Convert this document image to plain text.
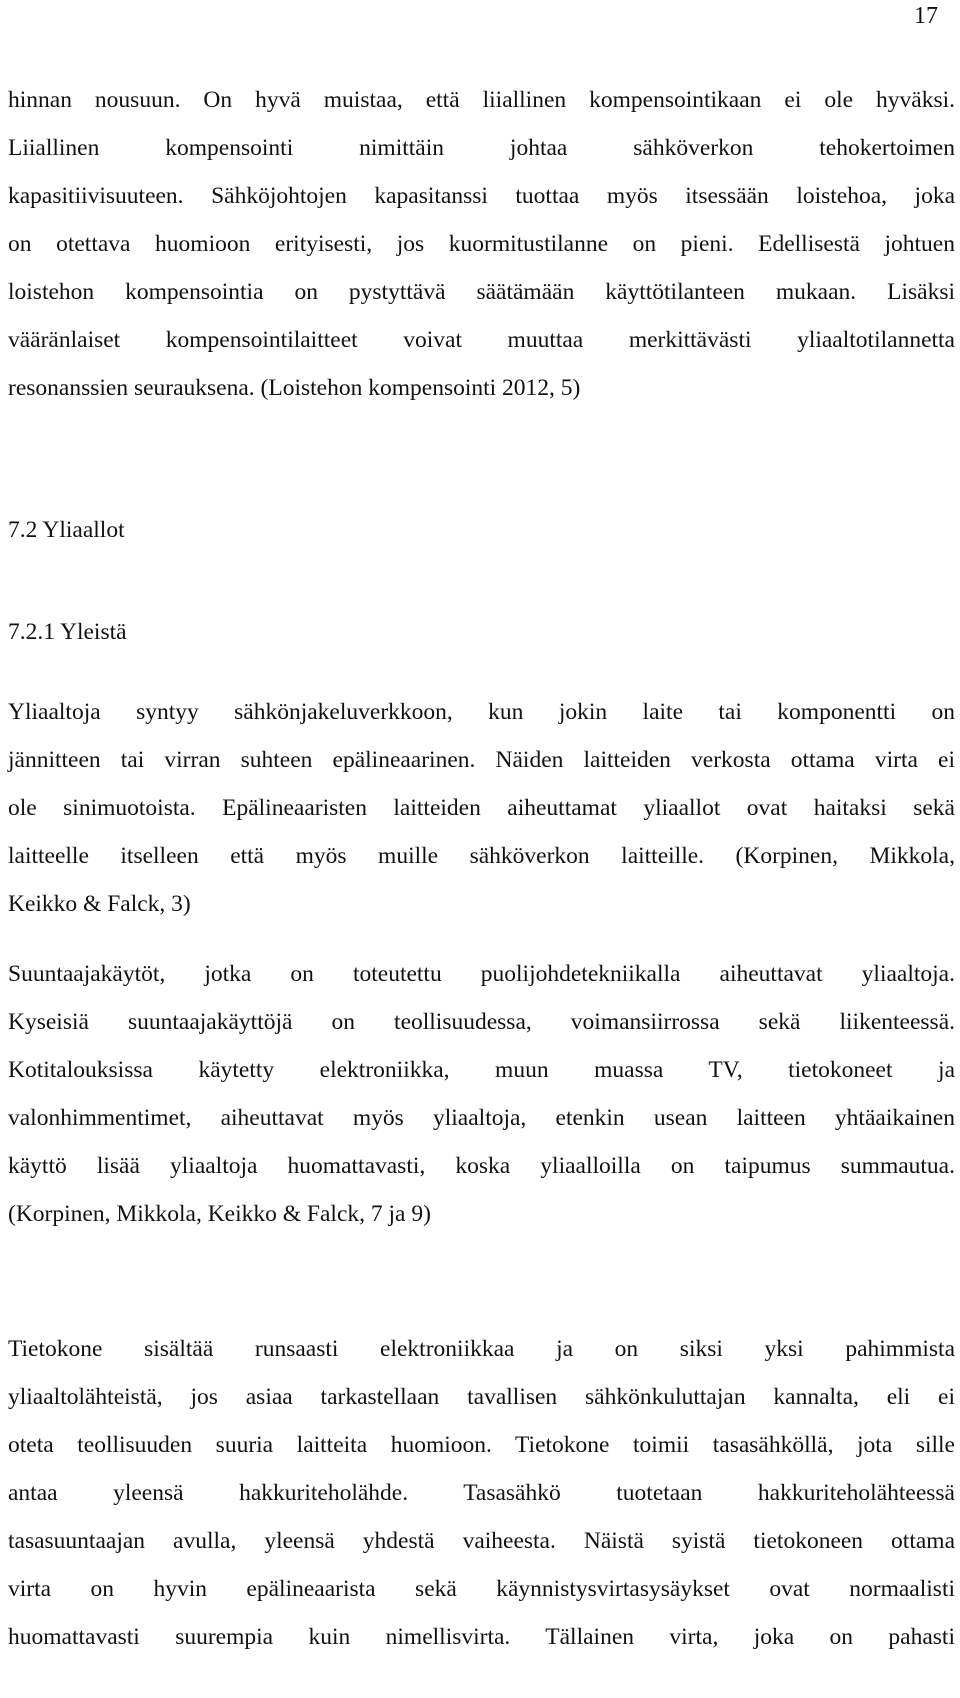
17
hinnan nousuun. On hyvä muistaa, että liiallinen kompensointikaan ei ole hyväksi.
Liiallinen kompensointi nimittäin johtaa sähköverkon tehokertoimen
kapasitiivisuuteen. Sähköjohtojen kapasitanssi tuottaa myös itsessään loistehoa, joka
on otettava huomioon erityisesti, jos kuormitustilanne on pieni. Edellisestä johtuen
loistehon kompensointia on pystyttävä säätämään käyttötilanteen mukaan. Lisäksi
vääränlaiset kompensointilaitteet voivat muuttaa merkittävästi yliaaltotilannetta
resonanssien seurauksena. (Loistehon kompensointi 2012, 5)
7.2 Yliaallot
7.2.1 Yleistä
Yliaaltoja syntyy sähkönjakeluverkkoon, kun jokin laite tai komponentti on
jännitteen tai virran suhteen epälineaarinen. Näiden laitteiden verkosta ottama virta ei
ole sinimuotoista. Epälineaaristen laitteiden aiheuttamat yliaallot ovat haitaksi sekä
laitteelle itselleen että myös muille sähköverkon laitteille. (Korpinen, Mikkola,
Keikko & Falck, 3)
Suuntaajakäytöt, jotka on toteutettu puolijohdetekniikalla aiheuttavat yliaaltoja.
Kyseisiä suuntaajakäyttöjä on teollisuudessa, voimansiirrossa sekä liikenteessä.
Kotitalouksissa käytetty elektroniikka, muun muassa TV, tietokoneet ja
valonhimmentimet, aiheuttavat myös yliaaltoja, etenkin usean laitteen yhtäaikainen
käyttö lisää yliaaltoja huomattavasti, koska yliaalloilla on taipumus summautua.
(Korpinen, Mikkola, Keikko & Falck, 7 ja 9)
Tietokone sisältää runsaasti elektroniikkaa ja on siksi yksi pahimmista
yliaaltolähteistä, jos asiaa tarkastellaan tavallisen sähkönkuluttajan kannalta, eli ei
oteta teollisuuden suuria laitteita huomioon. Tietokone toimii tasasähköllä, jota sille
antaa yleensä hakkuriteholähde. Tasasähkö tuotetaan hakkuriteholähteessä
tasasuuntaajan avulla, yleensä yhdestä vaiheesta. Näistä syistä tietokoneen ottama
virta on hyvin epälineaarista sekä käynnistysvirtasysäykset ovat normaalisti
huomattavasti suurempia kuin nimellisvirta. Tällainen virta, joka on pahasti
